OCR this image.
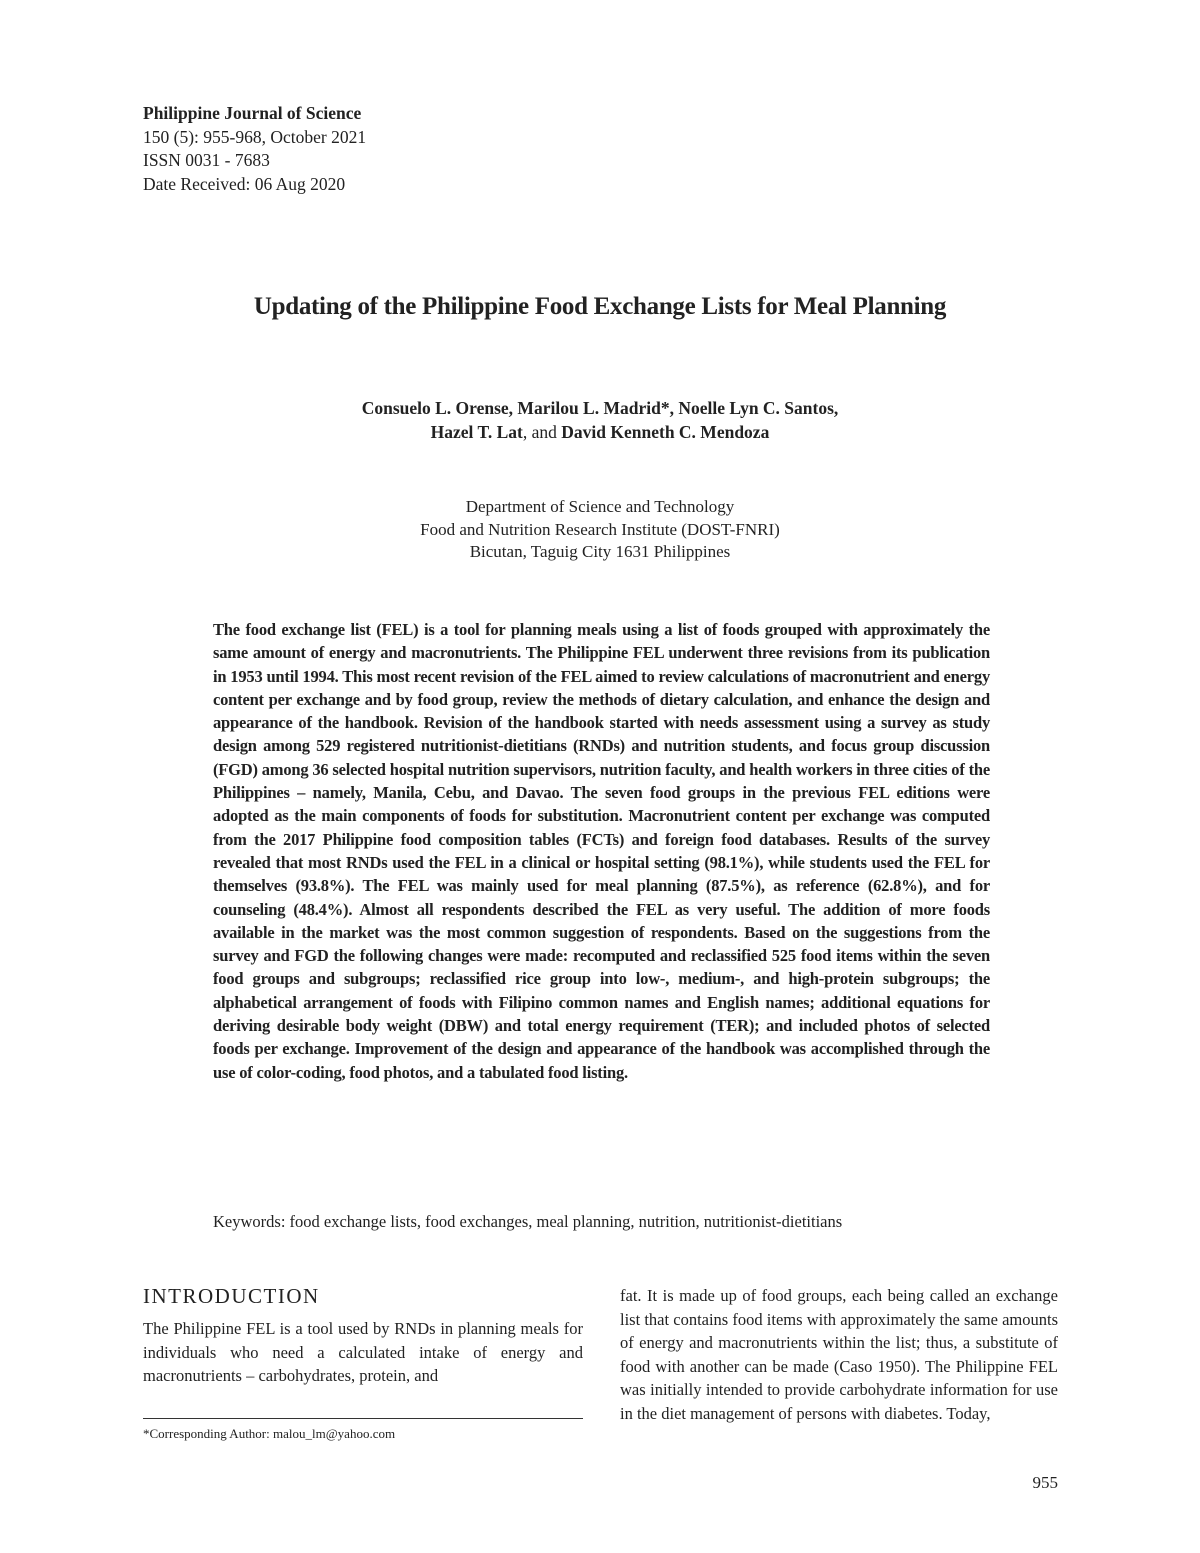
Philippine Journal of Science
150 (5): 955-968, October 2021
ISSN 0031 - 7683
Date Received: 06 Aug 2020
Updating of the Philippine Food Exchange Lists for Meal Planning
Consuelo L. Orense, Marilou L. Madrid*, Noelle Lyn C. Santos,
Hazel T. Lat, and David Kenneth C. Mendoza
Department of Science and Technology
Food and Nutrition Research Institute (DOST-FNRI)
Bicutan, Taguig City 1631 Philippines
The food exchange list (FEL) is a tool for planning meals using a list of foods grouped with approximately the same amount of energy and macronutrients. The Philippine FEL underwent three revisions from its publication in 1953 until 1994. This most recent revision of the FEL aimed to review calculations of macronutrient and energy content per exchange and by food group, review the methods of dietary calculation, and enhance the design and appearance of the handbook. Revision of the handbook started with needs assessment using a survey as study design among 529 registered nutritionist-dietitians (RNDs) and nutrition students, and focus group discussion (FGD) among 36 selected hospital nutrition supervisors, nutrition faculty, and health workers in three cities of the Philippines – namely, Manila, Cebu, and Davao. The seven food groups in the previous FEL editions were adopted as the main components of foods for substitution. Macronutrient content per exchange was computed from the 2017 Philippine food composition tables (FCTs) and foreign food databases. Results of the survey revealed that most RNDs used the FEL in a clinical or hospital setting (98.1%), while students used the FEL for themselves (93.8%). The FEL was mainly used for meal planning (87.5%), as reference (62.8%), and for counseling (48.4%). Almost all respondents described the FEL as very useful. The addition of more foods available in the market was the most common suggestion of respondents. Based on the suggestions from the survey and FGD the following changes were made: recomputed and reclassified 525 food items within the seven food groups and subgroups; reclassified rice group into low-, medium-, and high-protein subgroups; the alphabetical arrangement of foods with Filipino common names and English names; additional equations for deriving desirable body weight (DBW) and total energy requirement (TER); and included photos of selected foods per exchange. Improvement of the design and appearance of the handbook was accomplished through the use of color-coding, food photos, and a tabulated food listing.
Keywords: food exchange lists, food exchanges, meal planning, nutrition, nutritionist-dietitians
INTRODUCTION

The Philippine FEL is a tool used by RNDs in planning meals for individuals who need a calculated intake of energy and macronutrients – carbohydrates, protein, and

*Corresponding Author: malou_lm@yahoo.com

fat. It is made up of food groups, each being called an exchange list that contains food items with approximately the same amounts of energy and macronutrients within the list; thus, a substitute of food with another can be made (Caso 1950). The Philippine FEL was initially intended to provide carbohydrate information for use in the diet management of persons with diabetes. Today,

955
